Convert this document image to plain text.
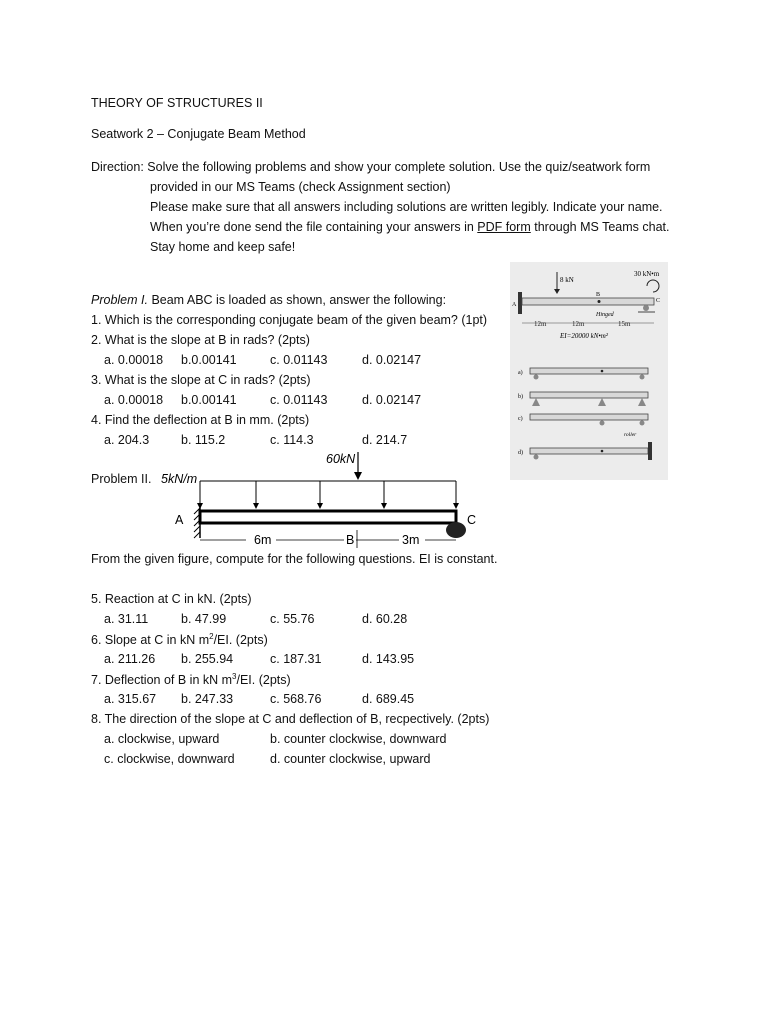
THEORY OF STRUCTURES II
Seatwork 2 – Conjugate Beam Method
Direction: Solve the following problems and show your complete solution. Use the quiz/seatwork form
provided in our MS Teams (check Assignment section)
Please make sure that all answers including solutions are written legibly. Indicate your name.
When you’re done send the file containing your answers in PDF form through MS Teams chat.
Stay home and keep safe!
Problem I. Beam ABC is loaded as shown, answer the following:
1. Which is the corresponding conjugate beam of the given beam? (1pt)
2. What is the slope at B in rads? (2pts)
a. 0.00018 b.0.00141	c. 0.01143	d. 0.02147
3. What is the slope at C in rads? (2pts)
a. 0.00018 b.0.00141	c. 0.01143	d. 0.02147
4. Find the deflection at B in mm. (2pts)
a. 204.3	b. 115.2	c. 114.3	d. 214.7
8 kN
30 kN•m
A
B
C
Hinged
12m	12m	15m
EI=20000 kN•m²
a)
b)
c)
roller
d)
Problem II. 5kN/m
60kN
A	C
6m	B	3m
From the given figure, compute for the following questions. EI is constant.
5. Reaction at C in kN. (2pts)
a. 31.11	b. 47.99	c. 55.76	d. 60.28
6. Slope at C in kN $m^2/EI$. (2pts)
a. 211.26 b. 255.94	c. 187.31	d. 143.95
7. Deflection of B in kN $m^3/EI$. (2pts)
a. 315.67 b. 247.33	c. 568.76	d. 689.45
8. The direction of the slope at C and deflection of B, recpectively. (2pts)
a. clockwise, upward	b. counter clockwise, downward
c. clockwise, downward	d. counter clockwise, upward
